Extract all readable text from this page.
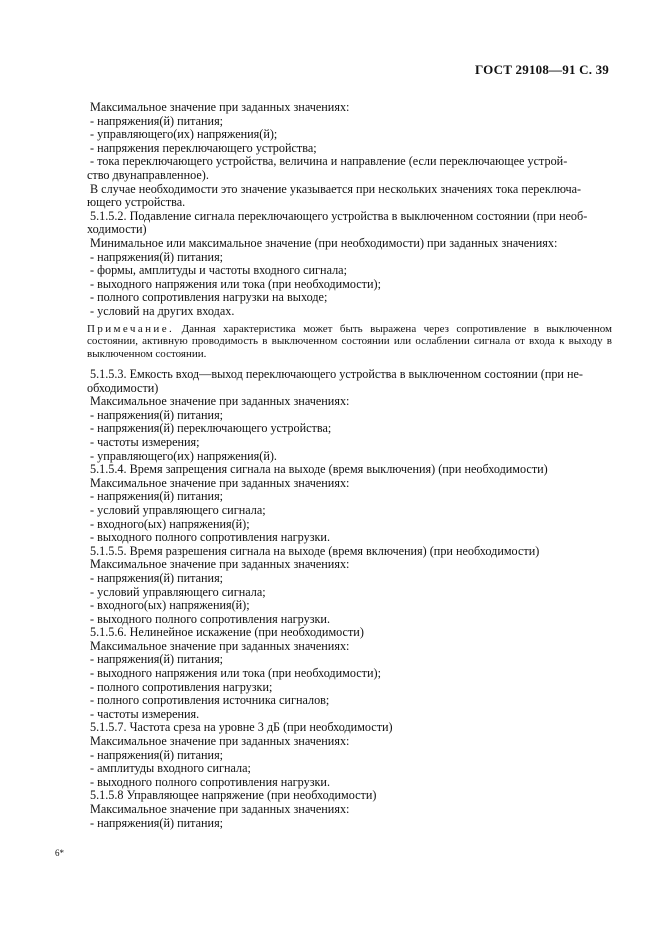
ГОСТ 29108—91 С. 39

Максимальное значение при заданных значениях:

- напряжения(й) питания;

- управляющего(их) напряжения(й);

- напряжения переключающего устройства;

- тока переключающего устройства, величина и направление (если переключающее устрой-

ство двунаправленное).

В случае необходимости это значение указывается при нескольких значениях тока переключа-

ющего устройства.

5.1.5.2. Подавление сигнала переключающего устройства в выключенном состоянии (при необ-

ходимости)

Минимальное или максимальное значение (при необходимости) при заданных значениях:

- напряжения(й) питания;

- формы, амплитуды и частоты входного сигнала;

- выходного напряжения или тока (при необходимости);

- полного сопротивления нагрузки на выходе;

- условий на других входах.

Примечание. Данная характеристика может быть выражена через сопротивление в выключенном состоянии, активную проводимость в выключенном состоянии или ослаблении сигнала от входа к выходу в выключенном состоянии.

5.1.5.3. Емкость вход—выход переключающего устройства в выключенном состоянии (при не-

обходимости)

Максимальное значение при заданных значениях:

- напряжения(й) питания;

- напряжения(й) переключающего устройства;

- частоты измерения;

- управляющего(их) напряжения(й).

5.1.5.4. Время запрещения сигнала на выходе (время выключения) (при необходимости)

Максимальное значение при заданных значениях:

- напряжения(й) питания;

- условий управляющего сигнала;

- входного(ых) напряжения(й);

- выходного полного сопротивления нагрузки.

5.1.5.5. Время разрешения сигнала на выходе (время включения) (при необходимости)

Максимальное значение при заданных значениях:

- напряжения(й) питания;

- условий управляющего сигнала;

- входного(ых) напряжения(й);

- выходного полного сопротивления нагрузки.

5.1.5.6. Нелинейное искажение (при необходимости)

Максимальное значение при заданных значениях:

- напряжения(й) питания;

- выходного напряжения или тока (при необходимости);

- полного сопротивления нагрузки;

- полного сопротивления источника сигналов;

- частоты измерения.

5.1.5.7. Частота среза на уровне 3 дБ (при необходимости)

Максимальное значение при заданных значениях:

- напряжения(й) питания;

- амплитуды входного сигнала;

- выходного полного сопротивления нагрузки.

5.1.5.8 Управляющее напряжение (при необходимости)

Максимальное значение при заданных значениях:

- напряжения(й) питания;

6*
